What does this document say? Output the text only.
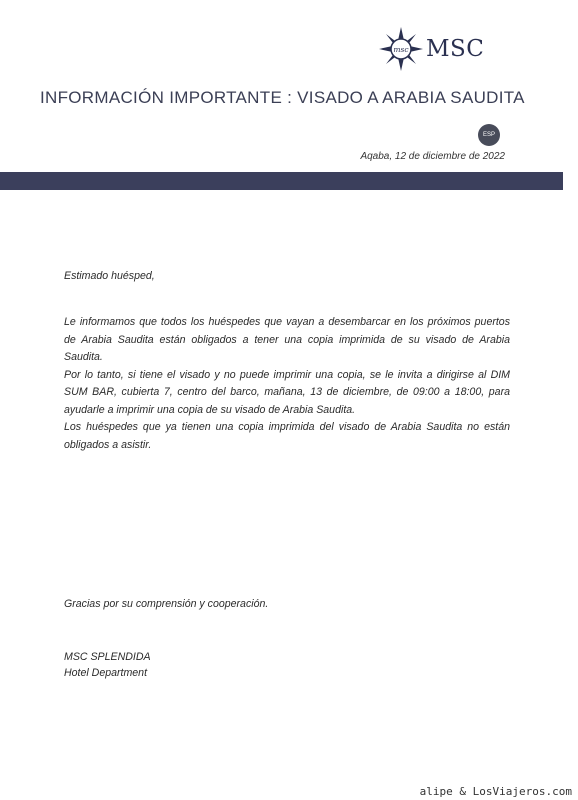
msc MSC
INFORMACIÓN IMPORTANTE : VISADO A ARABIA SAUDITA
ESP
Aqaba, 12 de diciembre de 2022
Estimado huésped,

Le informamos que todos los huéspedes que vayan a desembarcar en los próximos puertos de Arabia Saudita están obligados a tener una copia imprimida de su visado de Arabia Saudita.

Por lo tanto, si tiene el visado y no puede imprimir una copia, se le invita a dirigirse al DIM SUM BAR, cubierta 7, centro del barco, mañana, 13 de diciembre, de 09:00 a 18:00, para ayudarle a imprimir una copia de su visado de Arabia Saudita.

Los huéspedes que ya tienen una copia imprimida del visado de Arabia Saudita no están obligados a asistir.

Gracias por su comprensión y cooperación.
MSC SPLENDIDA
Hotel Department
alipe & LosViajeros.com
